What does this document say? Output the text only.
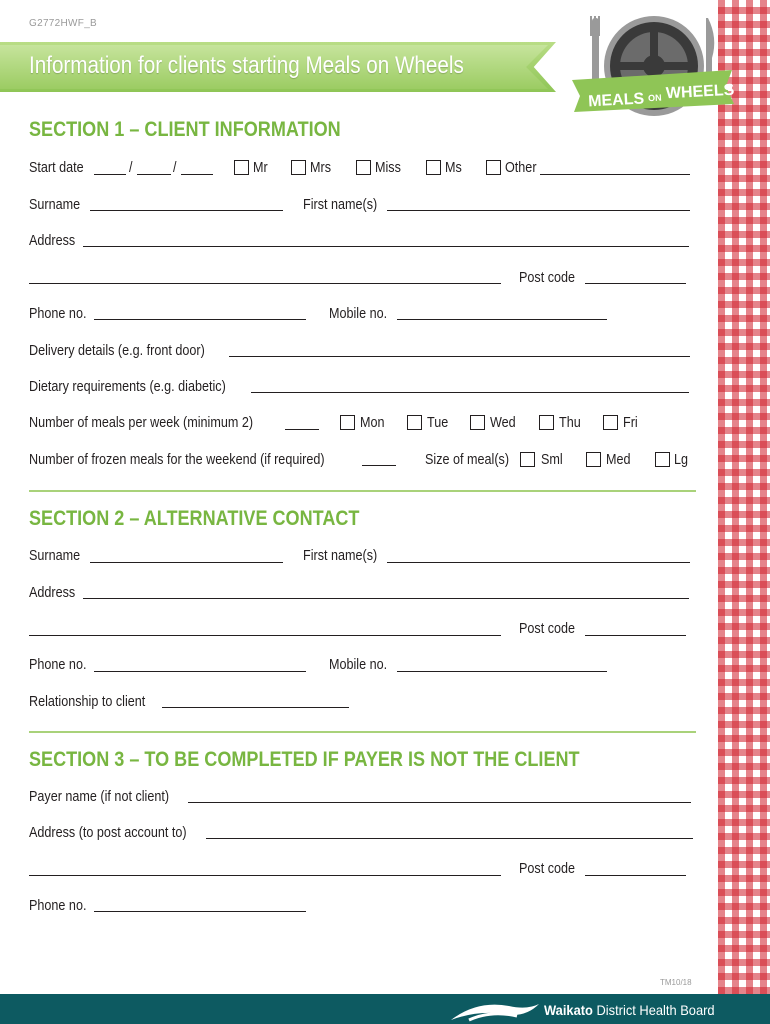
G2772HWF_B
Information for clients starting Meals on Wheels
MEALS ON WHEELS
SECTION 1 – CLIENT INFORMATION
Start date	/	/	Mr	Mrs	Miss	Ms	Other
Surname	First name(s)
Address
Post code
Phone no.	Mobile no.
Delivery details (e.g. front door)
Dietary requirements (e.g. diabetic)
Number of meals per week (minimum 2)	Mon	Tue	Wed	Thu	Fri
Number of frozen meals for the weekend (if required)	Size of meal(s) Sml	Med	Lg
SECTION 2 – ALTERNATIVE CONTACT
Surname	First name(s)
Address
Post code
Phone no.	Mobile no.
Relationship to client
SECTION 3 – TO BE COMPLETED IF PAYER IS NOT THE CLIENT
Payer name (if not client)
Address (to post account to)
Post code
Phone no.
TM10/18
Waikato District Health Board
